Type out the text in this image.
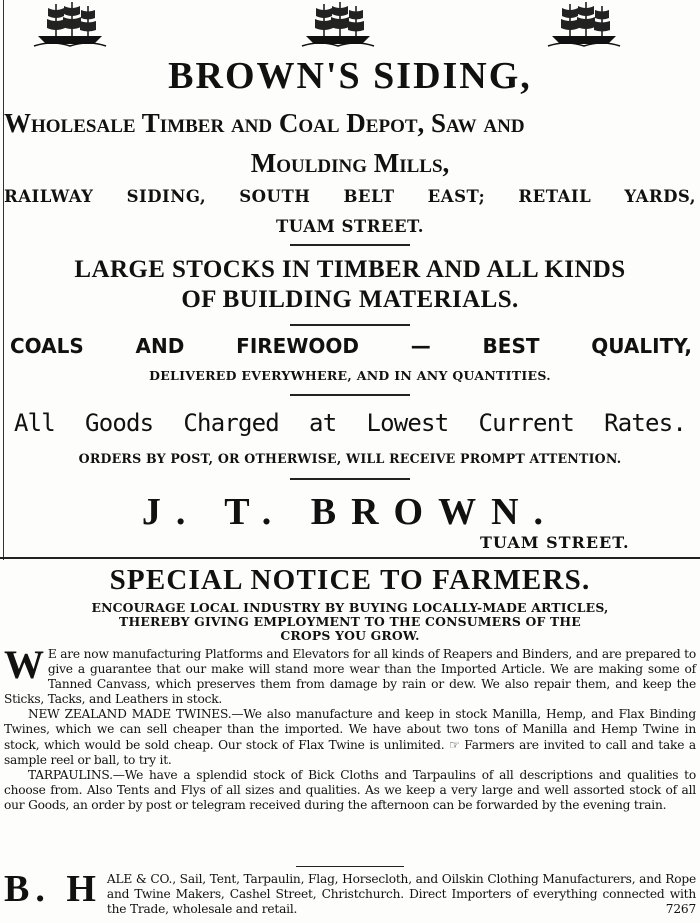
BROWN'S SIDING,
Wholesale Timber and Coal Depot, Saw and
Moulding Mills,
RAILWAY SIDING, SOUTH BELT EAST; RETAIL YARDS,
TUAM STREET.
LARGE STOCKS IN TIMBER AND ALL KINDS
OF BUILDING MATERIALS.
COALS AND FIREWOOD — BEST QUALITY,
DELIVERED EVERYWHERE, AND IN ANY QUANTITIES.
All Goods Charged at Lowest Current Rates.
ORDERS BY POST, OR OTHERWISE, WILL RECEIVE PROMPT ATTENTION.
J. T. BROWN.
TUAM STREET.
SPECIAL NOTICE TO FARMERS.
ENCOURAGE LOCAL INDUSTRY BY BUYING LOCALLY-MADE ARTICLES,
THEREBY GIVING EMPLOYMENT TO THE CONSUMERS OF THE
CROPS YOU GROW.

W E are now manufacturing Platforms and Elevators for all kinds of Reapers and Binders, and are prepared to give a guarantee that our make will stand more wear than the Imported Article. We are making some of Tanned Canvass, which preserves them from damage by rain or dew. We also repair them, and keep the Sticks, Tacks, and Leathers in stock.

NEW ZEALAND MADE TWINES.—We also manufacture and keep in stock Manilla, Hemp, and Flax Binding Twines, which we can sell cheaper than the imported. We have about two tons of Manilla and Hemp Twine in stock, which would be sold cheap. Our stock of Flax Twine is unlimited. ☞ Farmers are invited to call and take a sample reel or ball, to try it.

TARPAULINS.—We have a splendid stock of Bick Cloths and Tarpaulins of all descriptions and qualities to choose from. Also Tents and Flys of all sizes and qualities. As we keep a very large and well assorted stock of all our Goods, an order by post or telegram received during the afternoon can be forwarded by the evening train.

B. H ALE & CO., Sail, Tent, Tarpaulin, Flag, Horsecloth, and Oilskin Clothing Manufacturers, and Rope and Twine Makers, Cashel Street, Christchurch. Direct Importers of everything connected with the Trade, wholesale and retail.	7267
